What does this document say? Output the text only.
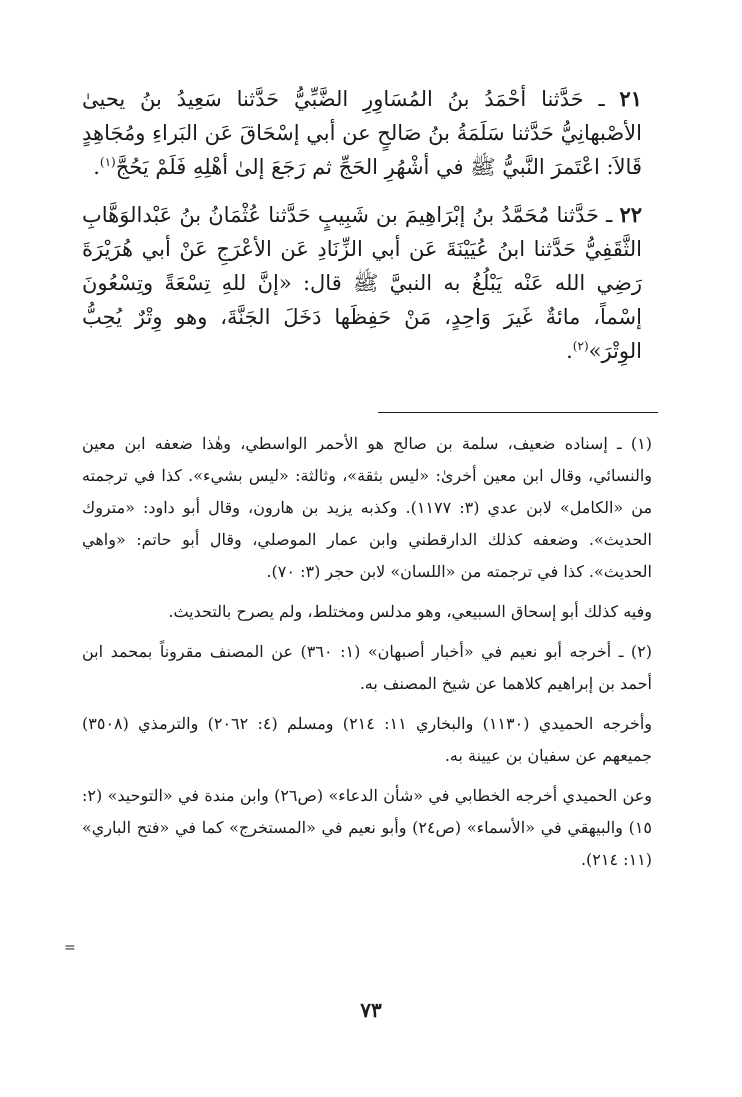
٢١ ـ حَدَّثنا أحْمَدُ بنُ المُسَاوِرِ الضَّبِّيُّ حَدَّثنا سَعِيدُ بنُ يحيىٰ الأصْبهانِيُّ حَدَّثنا سَلَمَةُ بنُ صَالحٍ عن أبي إسْحَاقَ عَن البَراءِ ومُجَاهِدٍ قَالاَ: اعْتَمرَ النَّبيُّ ﷺ في أشْهُرِ الحَجِّ ثم رَجَعَ إلىٰ أهْلِهِ فَلَمْ يَحُجَّ$^{(١)}$.

٢٢ ـ حَدَّثنا مُحَمَّدُ بنُ إبْرَاهِيمَ بن شَبِيبٍ حَدَّثنا عُثْمَانُ بنُ عَبْدالوَهَّابِ الثَّقَفِيُّ حَدَّثنا ابنُ عُيَيْنَةَ عَن أبي الزِّنَادِ عَن الأعْرَجِ عَنْ أبي هُرَيْرَةَ رَضِي الله عَنْه يَبْلُغُ به النبيَّ ﷺ قال: «إنَّ للهِ تِسْعَةً وتِسْعُونَ إسْماً، مائةٌ غَيرَ وَاحِدٍ، مَنْ حَفِظَها دَخَلَ الجَنَّةَ، وهو وِتْرٌ يُحِبُّ الوِتْرَ»$^{(٢)}$.

(١) ـ إسناده ضعيف، سلمة بن صالح هو الأحمر الواسطي، وهٰذا ضعفه ابن معين والنسائي، وقال ابن معين أخرىٰ: «ليس بثقة»، وثالثة: «ليس بشيء». كذا في ترجمته من «الكامل» لابن عدي (٣: ١١٧٧). وكذبه يزيد بن هارون، وقال أبو داود: «متروك الحديث». وضعفه كذلك الدارقطني وابن عمار الموصلي، وقال أبو حاتم: «واهي الحديث». كذا في ترجمته من «اللسان» لابن حجر (٣: ٧٠).

وفيه كذلك أبو إسحاق السبيعي، وهو مدلس ومختلط، ولم يصرح بالتحديث.

(٢) ـ أخرجه أبو نعيم في «أخبار أصبهان» (١: ٣٦٠) عن المصنف مقروناً بمحمد ابن أحمد بن إبراهيم كلاهما عن شيخ المصنف به.

وأخرجه الحميدي (١١٣٠) والبخاري ١١: ٢١٤) ومسلم (٤: ٢٠٦٢) والترمذي (٣٥٠٨) جميعهم عن سفيان بن عيينة به.

وعن الحميدي أخرجه الخطابي في «شأن الدعاء» (ص٢٦) وابن مندة في «التوحيد» (٢: ١٥) والبيهقي في «الأسماء» (ص٢٤) وأبو نعيم في «المستخرج» كما في «فتح الباري» (١١: ٢١٤).

=
٧٣
